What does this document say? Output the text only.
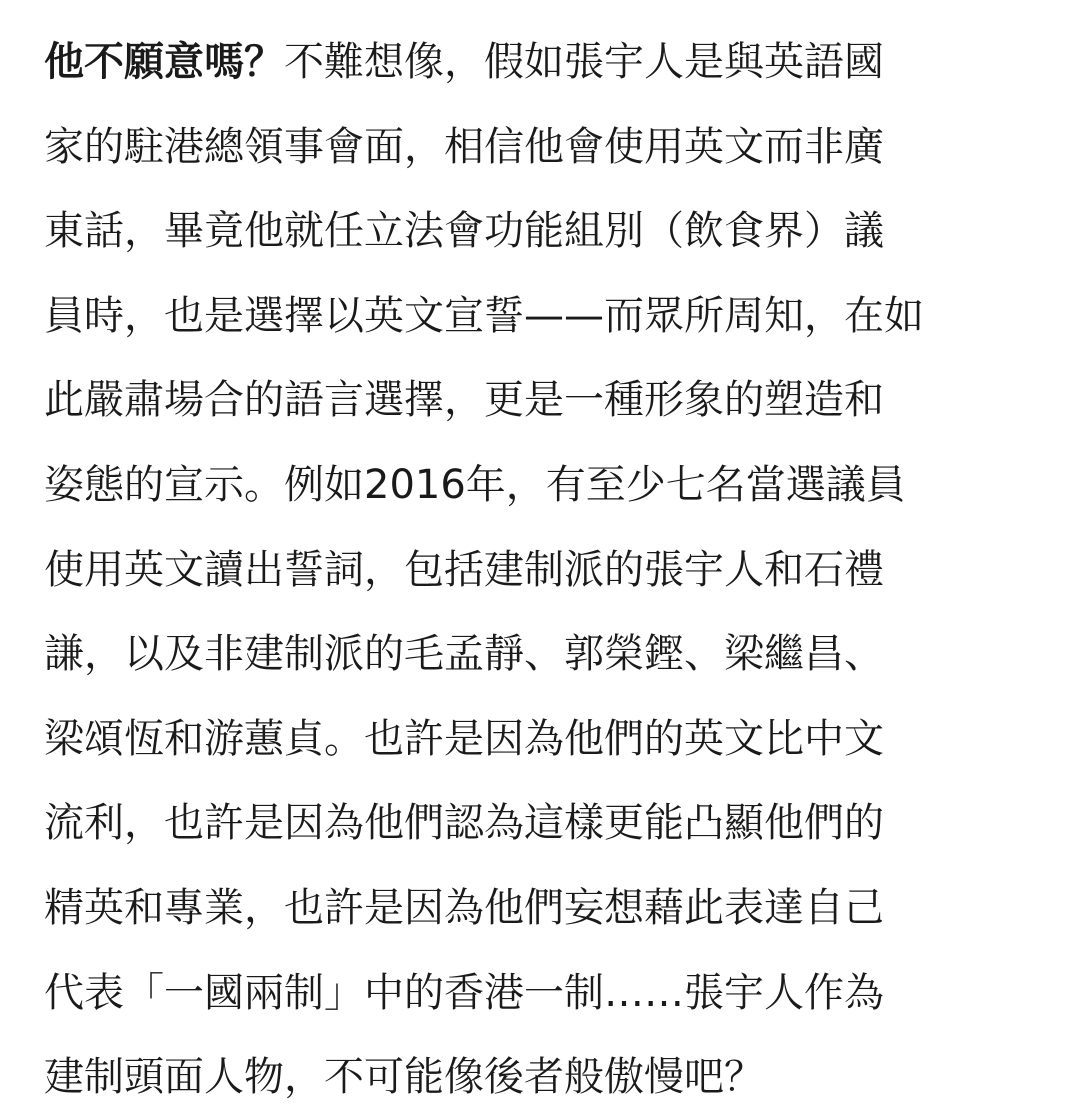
他不願意嗎？不難想像，假如張宇人是與英語國
家的駐港總領事會面，相信他會使用英文而非廣
東話，畢竟他就任立法會功能組別（飲食界）議
員時，也是選擇以英文宣誓——而眾所周知，在如
此嚴肅場合的語言選擇，更是一種形象的塑造和
姿態的宣示。例如2016年，有至少七名當選議員
使用英文讀出誓詞，包括建制派的張宇人和石禮
謙，以及非建制派的毛孟靜、郭榮鏗、梁繼昌、
梁頌恆和游蕙貞。也許是因為他們的英文比中文
流利，也許是因為他們認為這樣更能凸顯他們的
精英和專業，也許是因為他們妄想藉此表達自己
代表「一國兩制」中的香港一制……張宇人作為
建制頭面人物，不可能像後者般傲慢吧？
